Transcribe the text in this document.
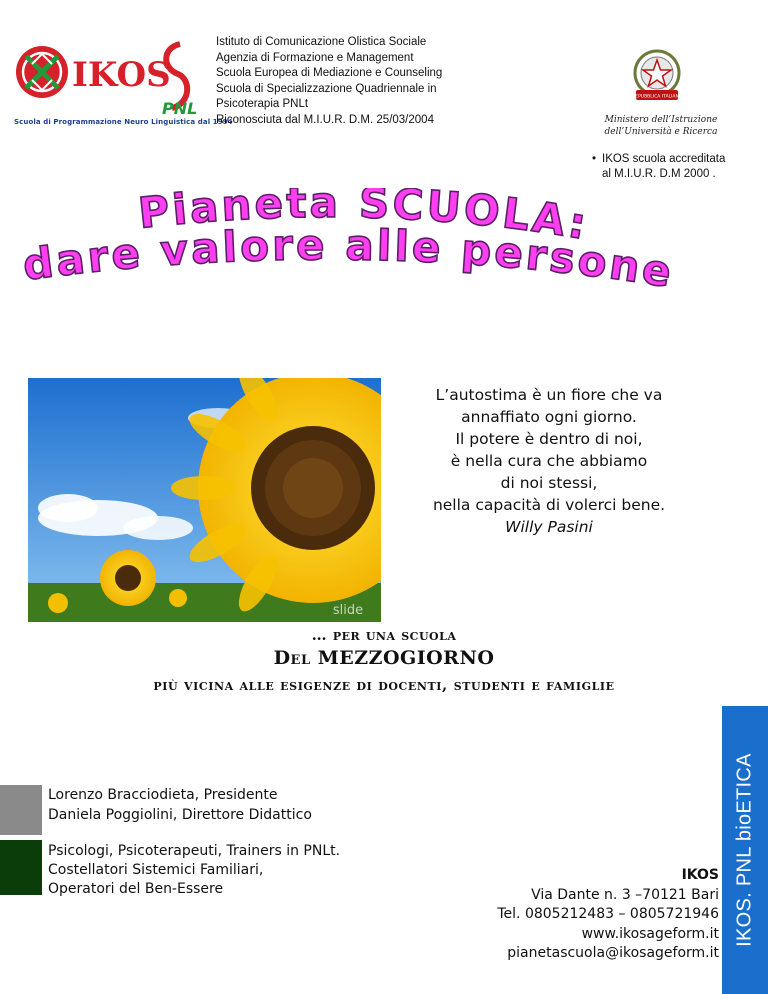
IKOS
PNL
Scuola di Programmazione Neuro Linguistica dal 1994
Istituto di Comunicazione Olistica Sociale
Agenzia di Formazione e Management
Scuola Europea di Mediazione e Counseling
Scuola di Specializzazione Quadriennale in
Psicoterapia PNLt
Riconosciuta dal M.I.U.R. D.M. 25/03/2004
REPUBBLICA ITALIANA
Ministero dell’Istruzione
dell’Università e Ricerca
• IKOS scuola accreditata
al M.I.U.R. D.M 2000 .
Pianeta SCUOLA:
dare valore alle persone
slide
L’autostima è un fiore che va
annaffiato ogni giorno.
Il potere è dentro di noi,
è nella cura che abbiamo
di noi stessi,
nella capacità di volerci bene.
Willy Pasini
… per una scuola
Del MEZZOGIORNO
più vicina alle esigenze di docenti, studenti e famiglie
Lorenzo Bracciodieta, Presidente
Daniela Poggiolini, Direttore Didattico
Psicologi, Psicoterapeuti, Trainers in PNLt.
Costellatori Sistemici Familiari,
Operatori del Ben-Essere
IKOS
Via Dante n. 3 –70121 Bari
Tel. 0805212483 – 0805721946
www.ikosageform.it
pianetascuola@ikosageform.it
IKOS. PNL bioETICA
